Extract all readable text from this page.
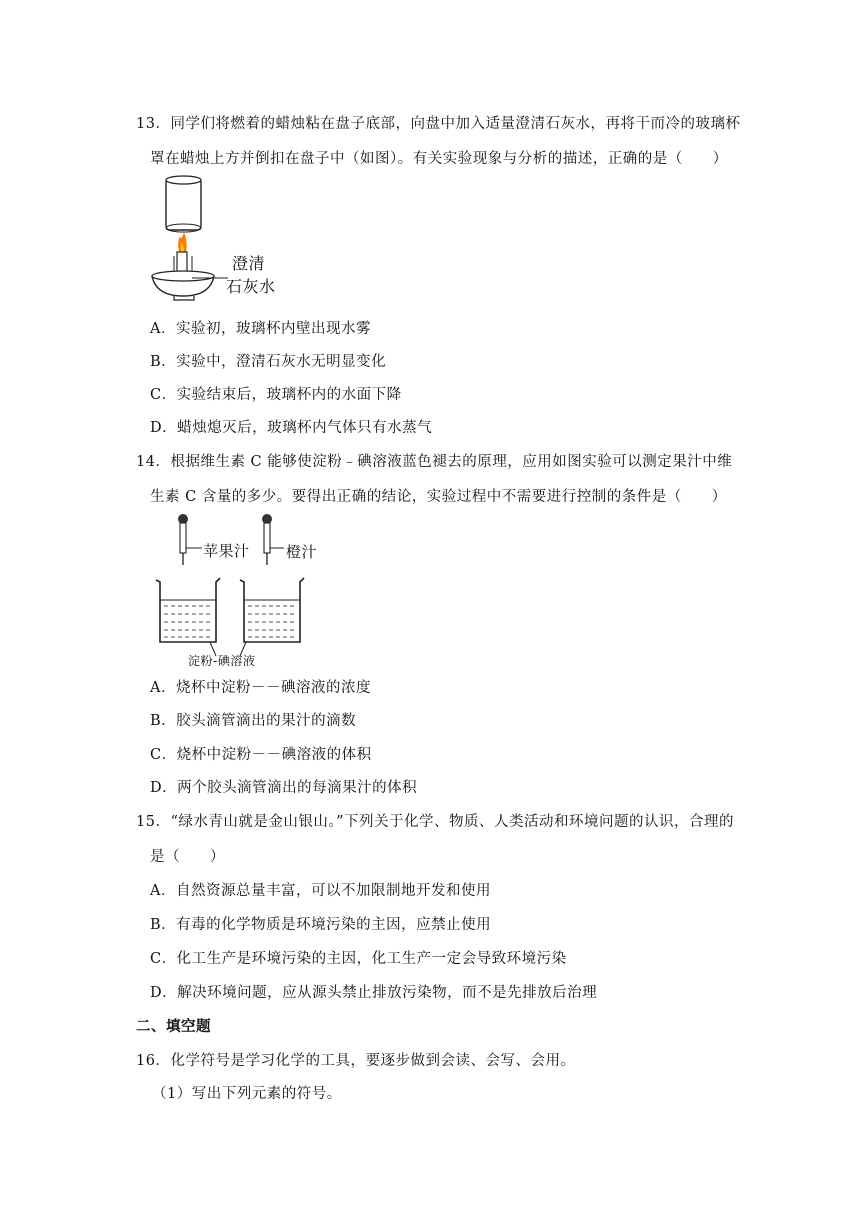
13．同学们将燃着的蜡烛粘在盘子底部，向盘中加入适量澄清石灰水，再将干而冷的玻璃杯
罩在蜡烛上方并倒扣在盘子中（如图）。有关实验现象与分析的描述，正确的是（　　）
澄清
石灰水
A．实验初，玻璃杯内壁出现水雾
B．实验中，澄清石灰水无明显变化
C．实验结束后，玻璃杯内的水面下降
D．蜡烛熄灭后，玻璃杯内气体只有水蒸气
14．根据维生素 C 能够使淀粉﹣碘溶液蓝色褪去的原理，应用如图实验可以测定果汁中维
生素 C 含量的多少。要得出正确的结论，实验过程中不需要进行控制的条件是（　　）
苹果汁 橙汁
淀粉-碘溶液
A．烧杯中淀粉－－碘溶液的浓度
B．胶头滴管滴出的果汁的滴数
C．烧杯中淀粉－－碘溶液的体积
D．两个胶头滴管滴出的每滴果汁的体积
15．“绿水青山就是金山银山。”下列关于化学、物质、人类活动和环境问题的认识，合理的
是（　　）
A．自然资源总量丰富，可以不加限制地开发和使用
B．有毒的化学物质是环境污染的主因，应禁止使用
C．化工生产是环境污染的主因，化工生产一定会导致环境污染
D．解决环境问题，应从源头禁止排放污染物，而不是先排放后治理
二、填空题
16．化学符号是学习化学的工具，要逐步做到会读、会写、会用。
（1）写出下列元素的符号。
